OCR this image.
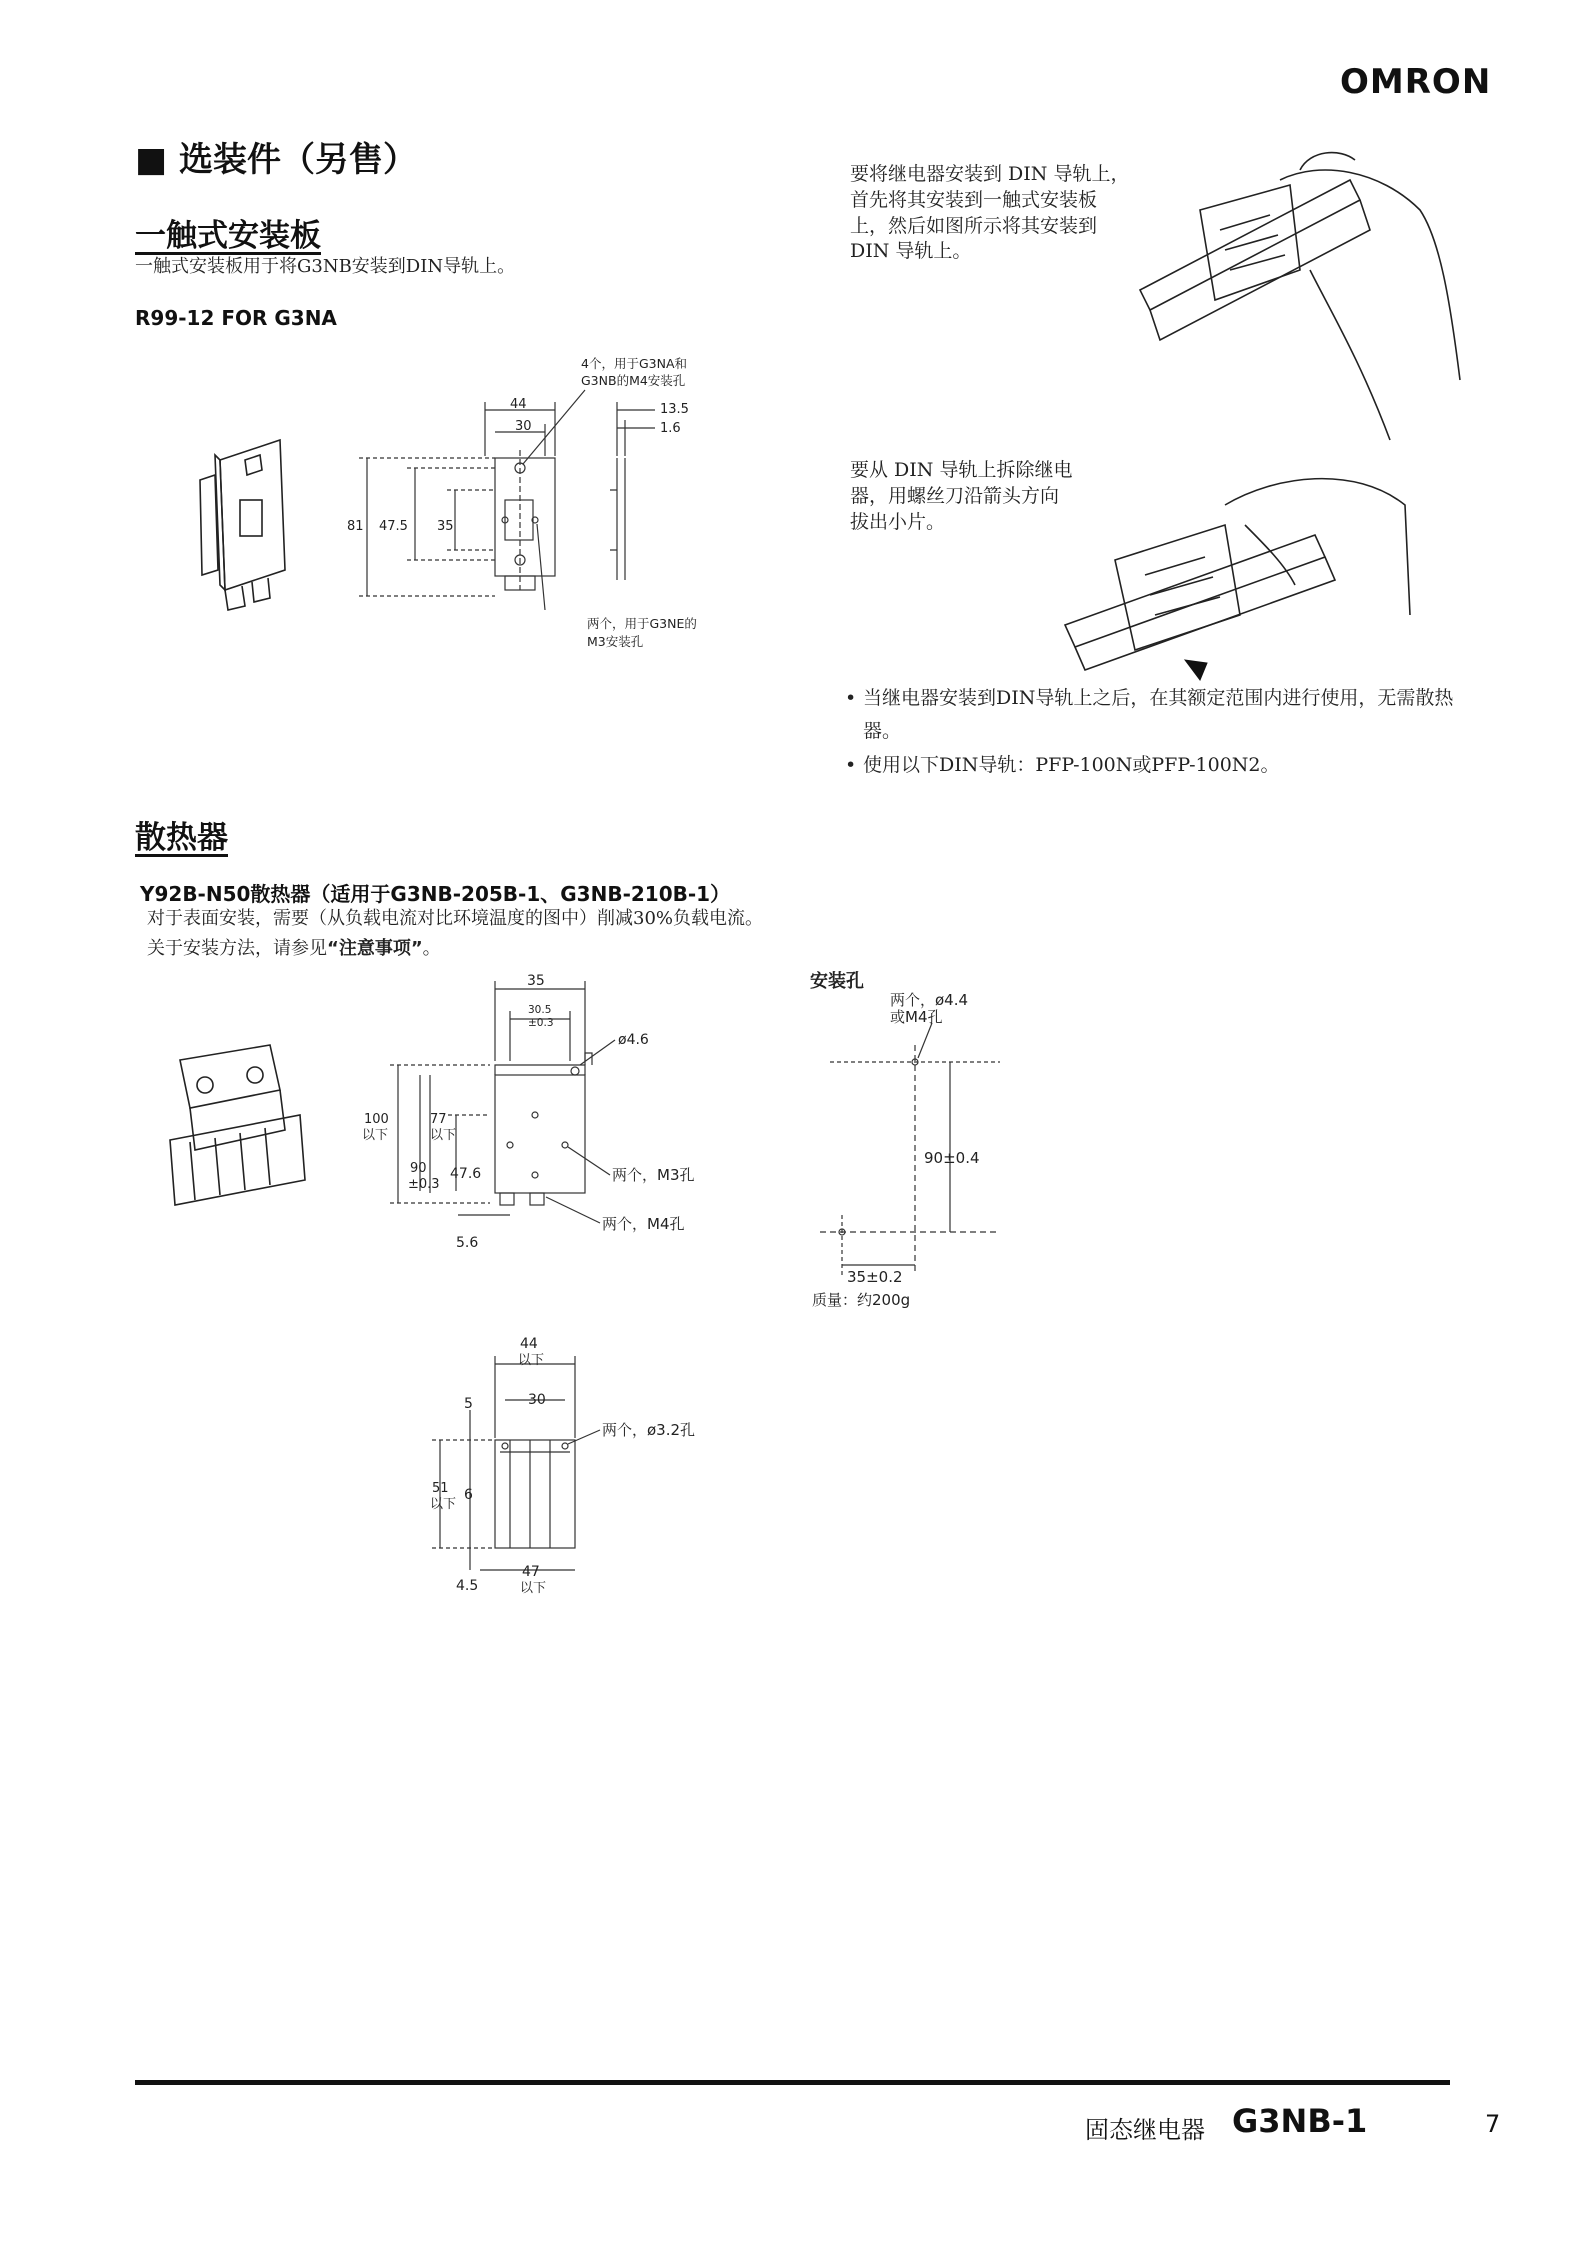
OMRON
■ 选装件（另售）
一触式安装板
一触式安装板用于将G3NB安装到DIN导轨上。
R99-12 FOR G3NA
44
30
13.5
1.6
81 47.5 35
4个，用于G3NA和
G3NB的M4安装孔
两个，用于G3NE的
M3安装孔
要将继电器安装到 DIN 导轨上，
首先将其安装到一触式安装板
上，然后如图所示将其安装到
DIN 导轨上。
要从 DIN 导轨上拆除继电
器，用螺丝刀沿箭头方向
拔出小片。
• 当继电器安装到DIN导轨上之后，在其额定范围内进行使用，无需散热器。
• 使用以下DIN导轨：PFP-100N或PFP-100N2。
散热器
Y92B-N50散热器（适用于G3NB-205B-1、G3NB-210B-1）
对于表面安装，需要（从负载电流对比环境温度的图中）削减30%负载电流。
关于安装方法，请参见“注意事项”。
35
30.5
±0.3
ø4.6
100
以下
77
以下
90
±0.3
47.6	两个，M3孔
两个，M4孔
5.6
44
以下
30
5
两个，ø3.2孔
51
以下
6
4.5
47
以下
安装孔
两个，ø4.4
或M4孔
90±0.4
35±0.2
质量：约200g
固态继电器 G3NB-1	7
